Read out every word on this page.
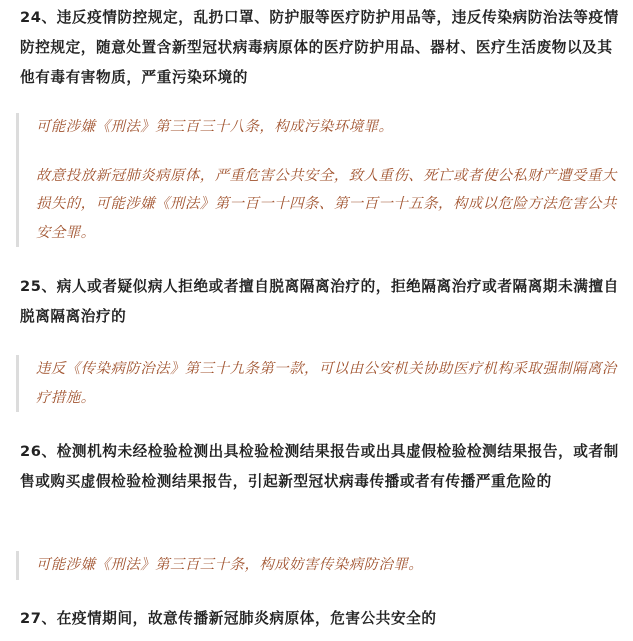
24、违反疫情防控规定，乱扔口罩、防护服等医疗防护用品等，违反传染病防治法等疫情防控规定，随意处置含新型冠状病毒病原体的医疗防护用品、器材、医疗生活废物以及其他有毒有害物质，严重污染环境的

可能涉嫌《刑法》第三百三十八条，构成污染环境罪。

故意投放新冠肺炎病原体，严重危害公共安全，致人重伤、死亡或者使公私财产遭受重大损失的，可能涉嫌《刑法》第一百一十四条、第一百一十五条，构成以危险方法危害公共安全罪。

25、病人或者疑似病人拒绝或者擅自脱离隔离治疗的，拒绝隔离治疗或者隔离期未满擅自脱离隔离治疗的

违反《传染病防治法》第三十九条第一款，可以由公安机关协助医疗机构采取强制隔离治疗措施。

26、检测机构未经检验检测出具检验检测结果报告或出具虚假检验检测结果报告，或者制售或购买虚假检验检测结果报告，引起新型冠状病毒传播或者有传播严重危险的

可能涉嫌《刑法》第三百三十条，构成妨害传染病防治罪。

27、在疫情期间，故意传播新冠肺炎病原体，危害公共安全的
